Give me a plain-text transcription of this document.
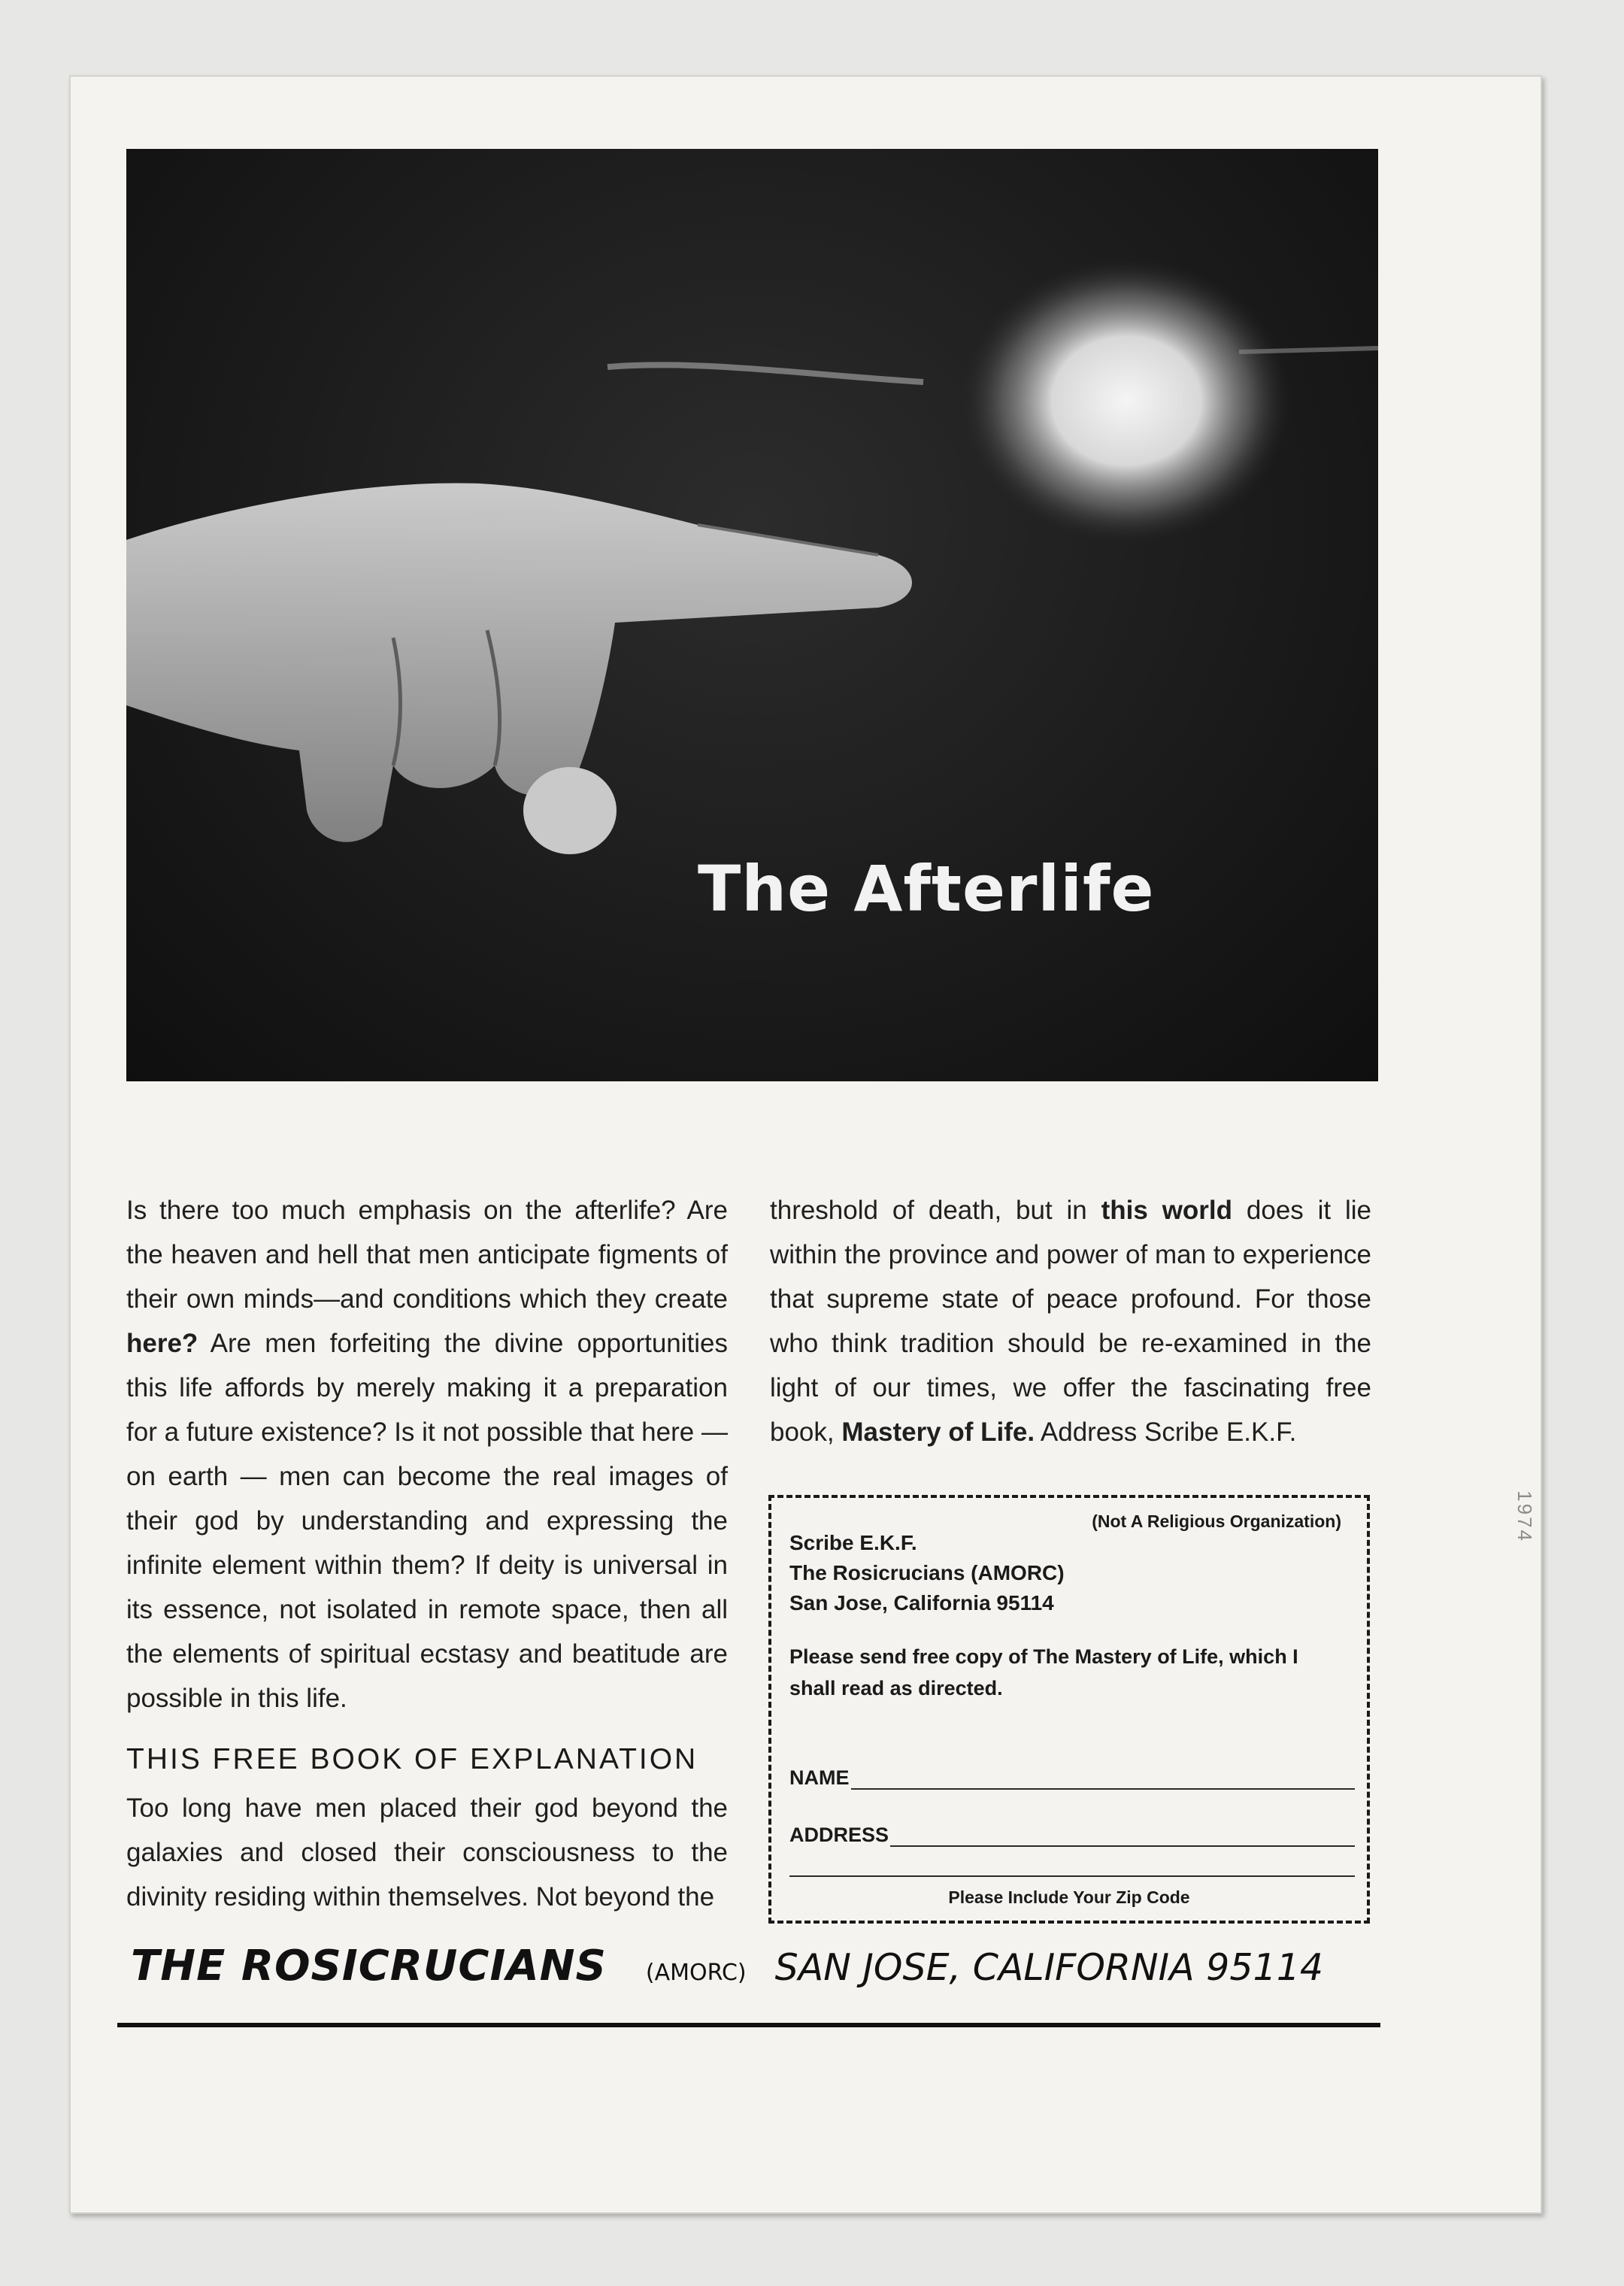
1974
The Afterlife

Is there too much emphasis on the afterlife? Are the heaven and hell that men anticipate figments of their own minds—and conditions which they create here? Are men forfeiting the divine opportunities this life affords by merely making it a preparation for a future existence? Is it not possible that here — on earth — men can become the real images of their god by understanding and expressing the infinite element within them? If deity is universal in its essence, not isolated in remote space, then all the elements of spiritual ecstasy and beatitude are possible in this life.

THIS FREE BOOK OF EXPLANATION

Too long have men placed their god beyond the galaxies and closed their consciousness to the divinity residing within themselves. Not beyond the

threshold of death, but in this world does it lie within the province and power of man to experience that supreme state of peace profound. For those who think tradition should be re-examined in the light of our times, we offer the fascinating free book, Mastery of Life. Address Scribe E.K.F.

(Not A Religious Organization)
Scribe E.K.F.
The Rosicrucians (AMORC)
San Jose, California 95114
Please send free copy of The Mastery of Life, which I shall read as directed.
NAME
ADDRESS
Please Include Your Zip Code
THE ROSICRUCIANS (AMORC) SAN JOSE, CALIFORNIA 95114
